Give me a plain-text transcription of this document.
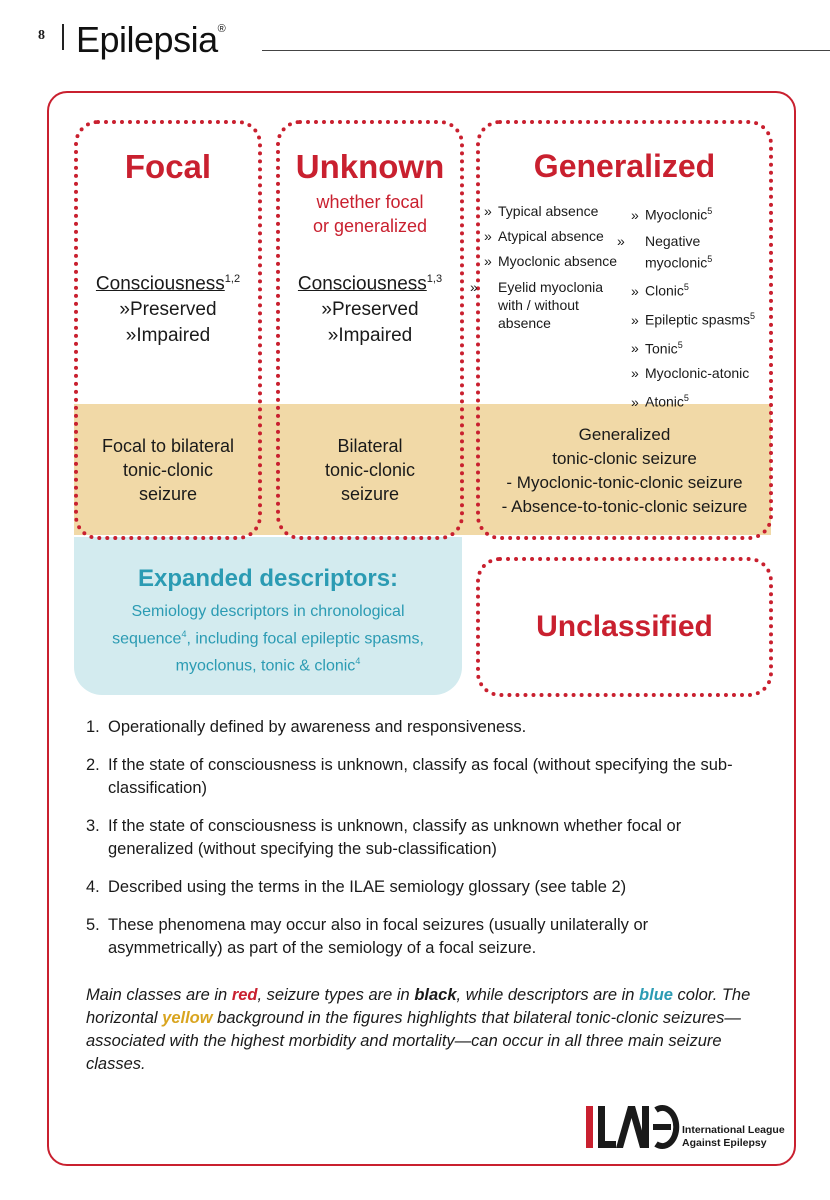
8 Epilepsia®
Focal
Consciousness$^{1,2}$
»Preserved
»Impaired
Focal to bilateral
tonic-clonic
seizure
Unknown
whether focal
or generalized
Consciousness$^{1,3}$
»Preserved
»Impaired
Bilateral
tonic-clonic
seizure
Generalized
» Typical absence
» Atypical absence
» Myoclonic absence
» Eyelid myoclonia with / without absence
» Myoclonic$^5$
» Negative myoclonic$^5$
» Clonic$^5$
» Epileptic spasms$^5$
» Tonic$^5$
» Myoclonic-atonic
» Atonic$^5$
Generalized
tonic-clonic seizure
- Myoclonic-tonic-clonic seizure
- Absence-to-tonic-clonic seizure
Expanded descriptors:
Semiology descriptors in chronological
sequence$^4$, including focal epileptic spasms,
myoclonus, tonic & clonic$^4$
Unclassified
1. Operationally defined by awareness and responsiveness.
2. If the state of consciousness is unknown, classify as focal (without specifying the sub-classification)
3. If the state of consciousness is unknown, classify as unknown whether focal or generalized (without specifying the sub-classification)
4. Described using the terms in the ILAE semiology glossary (see table 2)
5. These phenomena may occur also in focal seizures (usually unilaterally or asymmetrically) as part of the semiology of a focal seizure.
Main classes are in red, seizure types are in black, while descriptors are in blue color. The horizontal yellow background in the figures highlights that bilateral tonic-clonic seizures—associated with the highest morbidity and mortality—can occur in all three main seizure classes.
International League
Against Epilepsy
